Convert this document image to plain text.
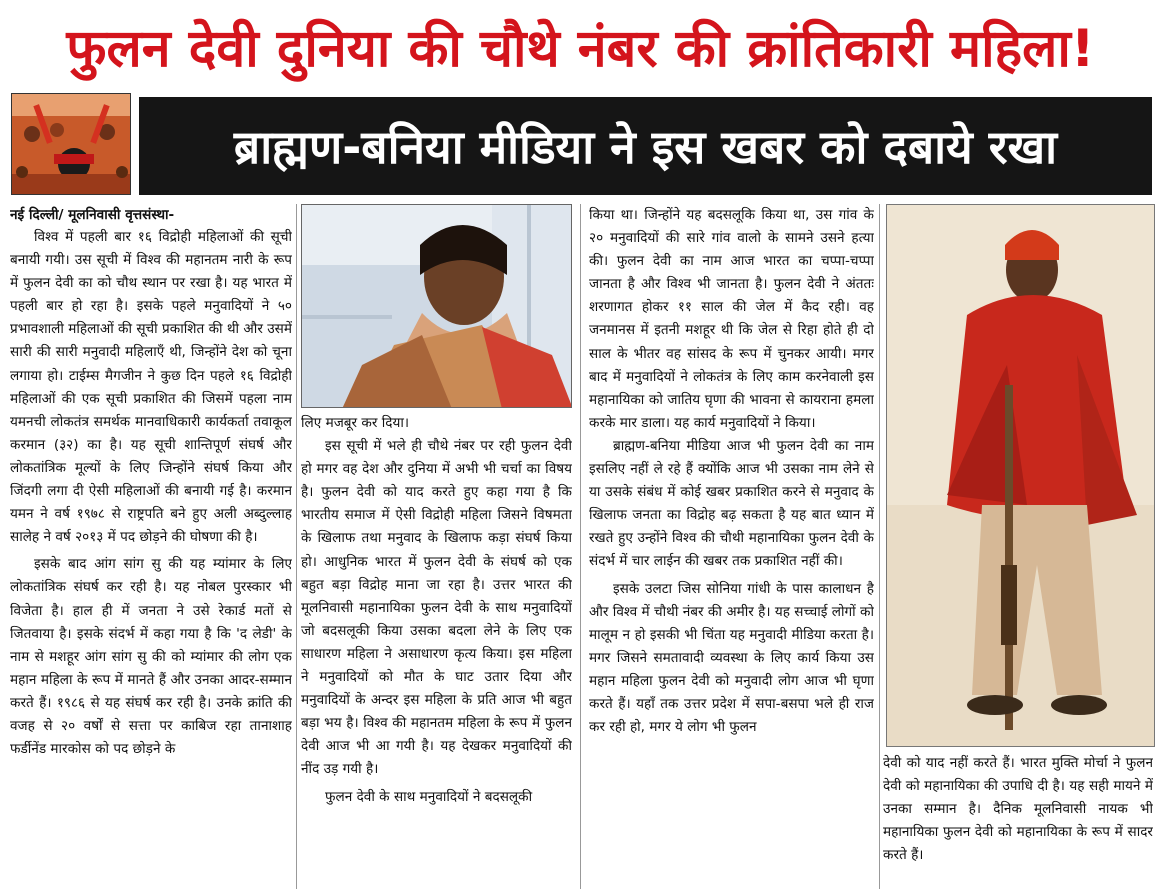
फुलन देवी दुनिया की चौथे नंबर की क्रांतिकारी महिला!
ब्राह्मण-बनिया मीडिया ने इस खबर को दबाये रखा

नई दिल्ली/ मूलनिवासी वृत्तसंस्था-

विश्व में पहली बार १६ विद्रोही महिलाओं की सूची बनायी गयी। उस सूची में विश्व की महानतम नारी के रूप में फुलन देवी का को चौथ स्थान पर रखा है। यह भारत में पहली बार हो रहा है। इसके पहले मनुवादियों ने ५० प्रभावशाली महिलाओं की सूची प्रकाशित की थी और उसमें सारी की सारी मनुवादी महिलाएँ थी, जिन्होंने देश को चूना लगाया हो। टाईम्स मैगजीन ने कुछ दिन पहले १६ विद्रोही महिलाओं की एक सूची प्रकाशित की जिसमें पहला नाम यमनची लोकतंत्र समर्थक मानवाधिकारी कार्यकर्ता तवाकूल करमान (३२) का है। यह सूची शान्तिपूर्ण संघर्ष और लोकतांत्रिक मूल्यों के लिए जिन्होंने संघर्ष किया और जिंदगी लगा दी ऐसी महिलाओं की बनायी गई है। करमान यमन ने वर्ष १९७८ से राष्ट्रपति बने हुए अली अब्दुल्लाह सालेह ने वर्ष २०१३ में पद छोड़ने की घोषणा की है।

इसके बाद आंग सांग सु की यह म्यांमार के लिए लोकतांत्रिक संघर्ष कर रही है। यह नोबल पुरस्कार भी विजेता है। हाल ही में जनता ने उसे रेकार्ड मतों से जितवाया है। इसके संदर्भ में कहा गया है कि 'द लेडी' के नाम से मशहूर आंग सांग सु की को म्यांमार की लोग एक महान महिला के रूप में मानते हैं और उनका आदर-सम्मान करते हैं। १९८६ से यह संघर्ष कर रही है। उनके क्रांति की वजह से २० वर्षों से सत्ता पर काबिज रहा तानाशाह फर्डीनेंड मारकोस को पद छोड़ने के

लिए मजबूर कर दिया।

इस सूची में भले ही चौथे नंबर पर रही फुलन देवी हो मगर वह देश और दुनिया में अभी भी चर्चा का विषय है। फुलन देवी को याद करते हुए कहा गया है कि भारतीय समाज में ऐसी विद्रोही महिला जिसने विषमता के खिलाफ तथा मनुवाद के खिलाफ कड़ा संघर्ष किया हो। आधुनिक भारत में फुलन देवी के संघर्ष को एक बहुत बड़ा विद्रोह माना जा रहा है। उत्तर भारत की मूलनिवासी महानायिका फुलन देवी के साथ मनुवादियों जो बदसलूकी किया उसका बदला लेने के लिए एक साधारण महिला ने असाधारण कृत्य किया। इस महिला ने मनुवादियों को मौत के घाट उतार दिया और मनुवादियों के अन्दर इस महिला के प्रति आज भी बहुत बड़ा भय है। विश्व की महानतम महिला के रूप में फुलन देवी आज भी आ गयी है। यह देखकर मनुवादियों की नींद उड़ गयी है।

फुलन देवी के साथ मनुवादियों ने बदसलूकी

किया था। जिन्होंने यह बदसलूकि किया था, उस गांव के २० मनुवादियों की सारे गांव वालो के सामने उसने हत्या की। फुलन देवी का नाम आज भारत का चप्पा-चप्पा जानता है और विश्व भी जानता है। फुलन देवी ने अंततः शरणागत होकर ११ साल की जेल में कैद रही। वह जनमानस में इतनी मशहूर थी कि जेल से रिहा होते ही दो साल के भीतर वह सांसद के रूप में चुनकर आयी। मगर बाद में मनुवादियों ने लोकतंत्र के लिए काम करनेवाली इस महानायिका को जातिय घृणा की भावना से कायराना हमला करके मार डाला। यह कार्य मनुवादियों ने किया।

ब्राह्मण-बनिया मीडिया आज भी फुलन देवी का नाम इसलिए नहीं ले रहे हैं क्योंकि आज भी उसका नाम लेने से या उसके संबंध में कोई खबर प्रकाशित करने से मनुवाद के खिलाफ जनता का विद्रोह बढ़ सकता है यह बात ध्यान में रखते हुए उन्होंने विश्व की चौथी महानायिका फुलन देवी के संदर्भ में चार लाईन की खबर तक प्रकाशित नहीं की।

इसके उलटा जिस सोनिया गांधी के पास कालाधन है और विश्व में चौथी नंबर की अमीर है। यह सच्चाई लोगों को मालूम न हो इसकी भी चिंता यह मनुवादी मीडिया करता है। मगर जिसने समतावादी व्यवस्था के लिए कार्य किया उस महान महिला फुलन देवी को मनुवादी लोग आज भी घृणा करते हैं। यहाँ तक उत्तर प्रदेश में सपा-बसपा भले ही राज कर रही हो, मगर ये लोग भी फुलन

देवी को याद नहीं करते हैं। भारत मुक्ति मोर्चा ने फुलन देवी को महानायिका की उपाधि दी है। यह सही मायने में उनका सम्मान है। दैनिक मूलनिवासी नायक भी महानायिका फुलन देवी को महानायिका के रूप में सादर करते हैं।
